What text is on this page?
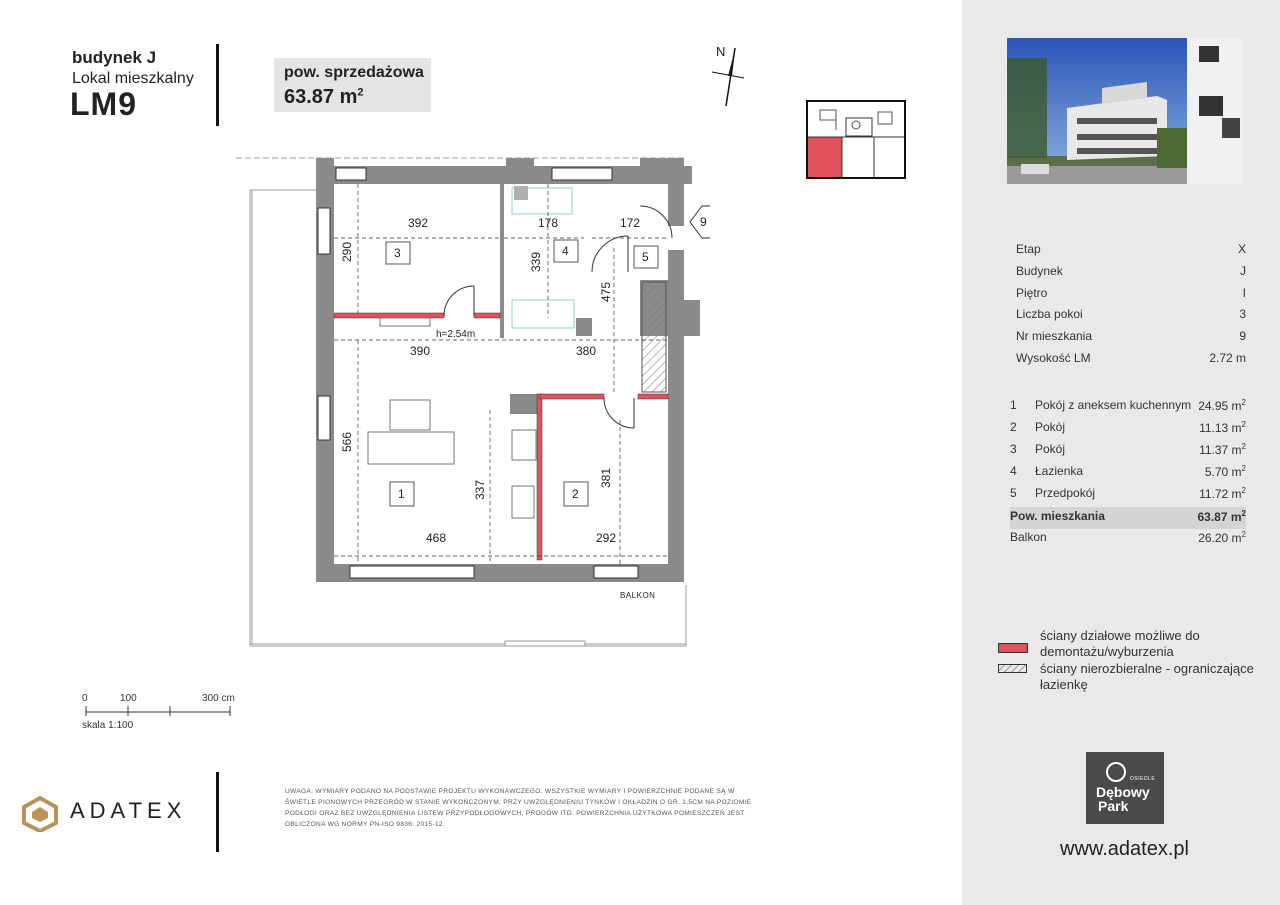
budynek J
Lokal mieszkalny
LM9
pow. sprzedażowa
63.87 $m^2$
N
392	178	172
390	380
468	292
290	339
475
566
337
381
h=2.54m
BALKON
3	4	5
1	2
9
0	100	300 cm
skala 1:100
Etap	X
Budynek	J
Piętro	I
Liczba pokoi	3
Nr mieszkania	9
Wysokość LM	2.72 m
1 Pokój z aneksem kuchennym 24.95 $m^2$
2 Pokój	11.13 $m^2$
3 Pokój	11.37 $m^2$
4 Łazienka	5.70 $m^2$
5 Przedpokój	11.72 $m^2$
Pow. mieszkania	63.87 $m^2$
Balkon	26.20 $m^2$
ściany działowe możliwe do demontażu/wyburzenia
ściany nierozbieralne - ograniczające łazienkę
ADATEX
UWAGA: WYMIARY PODANO NA PODSTAWIE PROJEKTU WYKONAWCZEGO. WSZYSTKIE WYMIARY I POWIERZCHNIE PODANE SĄ W ŚWIETLE PIONOWYCH PRZEGRÓD W STANIE WYKOŃCZONYM, PRZY UWZGLĘDNIENIU TYNKÓW I OKŁADZIN O GR. 1,5CM NA POZIOMIE PODŁOGI ORAZ BEZ UWZGLĘDNIENIA LISTEW PRZYPODŁOGOWYCH, PROGÓW ITD. POWIERZCHNIA UŻYTKOWA POMIESZCZEŃ JEST OBLICZONA WG NORMY PN-ISO 9836: 2015-12.
OSIEDLE
Dębowy
Park
www.adatex.pl
